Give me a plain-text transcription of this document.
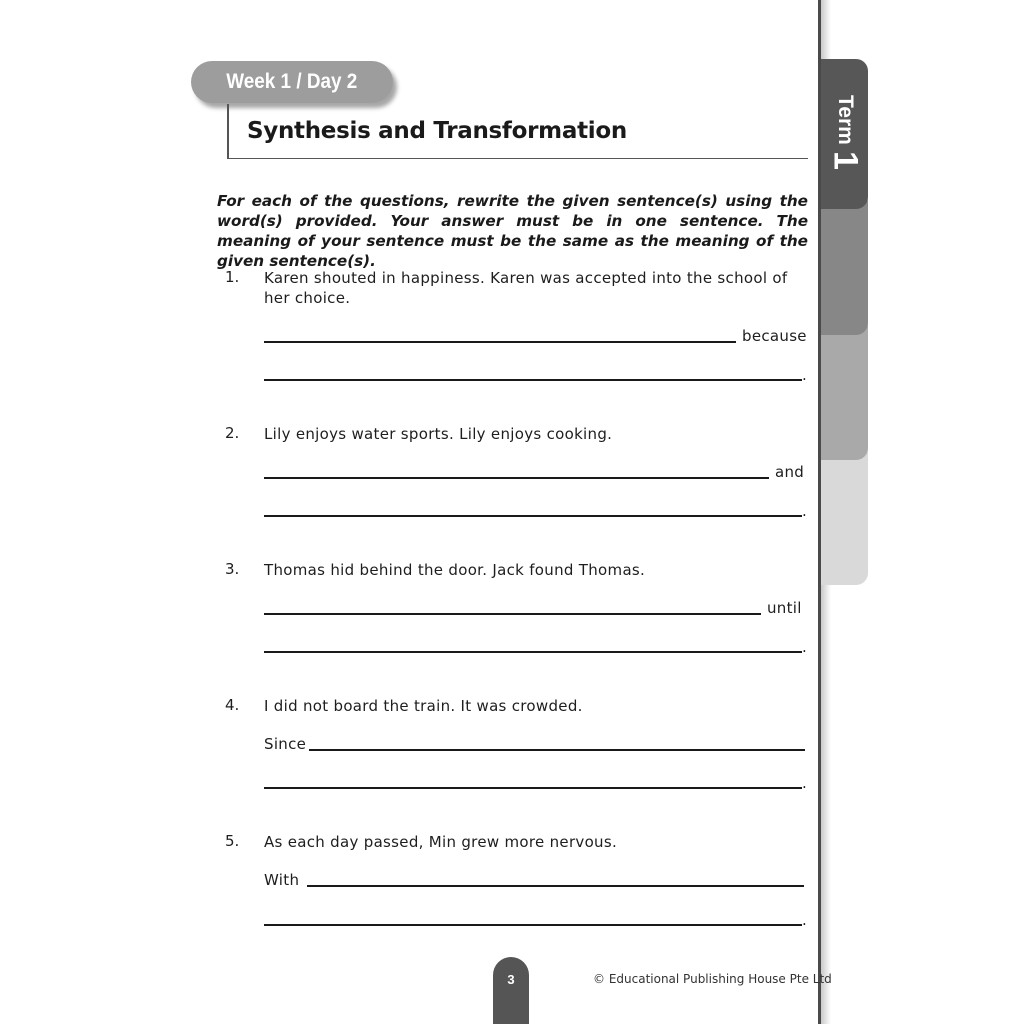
Term
1
Week 1 / Day 2
Synthesis and Transformation
For each of the questions, rewrite the given sentence(s) using the word(s) provided. Your answer must be in one sentence. The meaning of your sentence must be the same as the meaning of the given sentence(s).
1. Karen shouted in happiness. Karen was accepted into the school of her choice.
because
.
2. Lily enjoys water sports. Lily enjoys cooking.
and
.
3. Thomas hid behind the door. Jack found Thomas.
until
.
4. I did not board the train. It was crowded.
Since
.
5. As each day passed, Min grew more nervous.
With
.
3	© Educational Publishing House Pte Ltd
